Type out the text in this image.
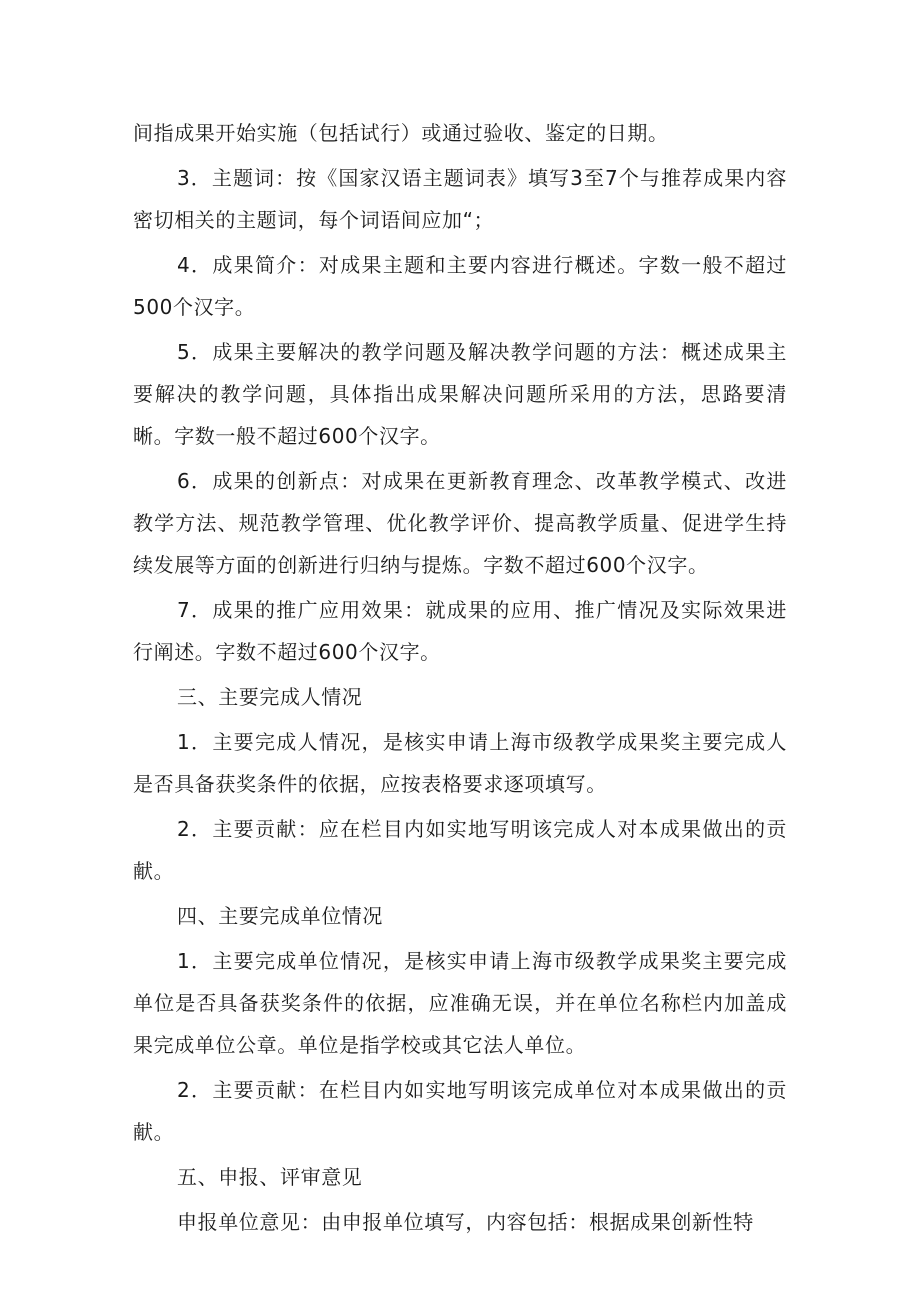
间指成果开始实施（包括试行）或通过验收、鉴定的日期。

3．主题词：按《国家汉语主题词表》填写3至7个与推荐成果内容密切相关的主题词，每个词语间应加“；

4．成果简介：对成果主题和主要内容进行概述。字数一般不超过500个汉字。

5．成果主要解决的教学问题及解决教学问题的方法：概述成果主要解决的教学问题，具体指出成果解决问题所采用的方法，思路要清晰。字数一般不超过600个汉字。

6．成果的创新点：对成果在更新教育理念、改革教学模式、改进教学方法、规范教学管理、优化教学评价、提高教学质量、促进学生持续发展等方面的创新进行归纳与提炼。字数不超过600个汉字。

7．成果的推广应用效果：就成果的应用、推广情况及实际效果进行阐述。字数不超过600个汉字。

三、主要完成人情况

1．主要完成人情况，是核实申请上海市级教学成果奖主要完成人是否具备获奖条件的依据，应按表格要求逐项填写。

2．主要贡献：应在栏目内如实地写明该完成人对本成果做出的贡献。

四、主要完成单位情况

1．主要完成单位情况，是核实申请上海市级教学成果奖主要完成单位是否具备获奖条件的依据，应准确无误，并在单位名称栏内加盖成果完成单位公章。单位是指学校或其它法人单位。

2．主要贡献：在栏目内如实地写明该完成单位对本成果做出的贡献。

五、申报、评审意见

申报单位意见：由申报单位填写，内容包括：根据成果创新性特
